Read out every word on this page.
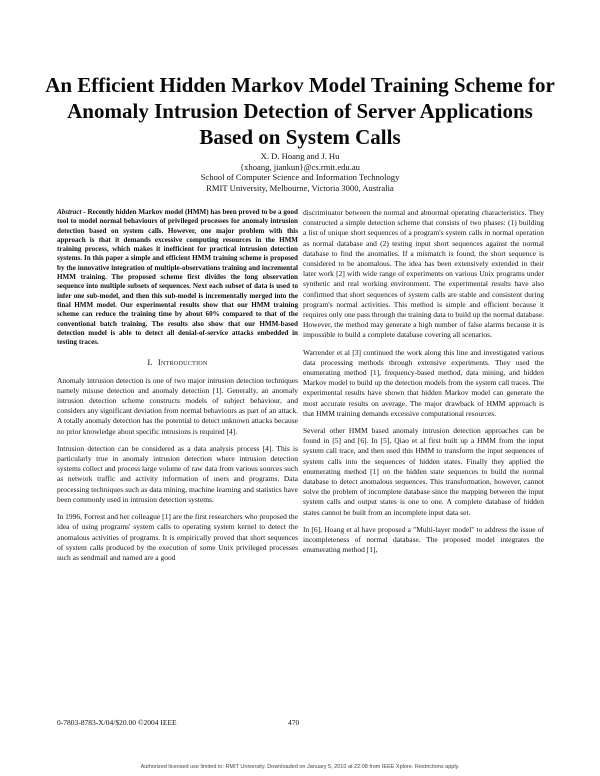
An Efficient Hidden Markov Model Training Scheme for Anomaly Intrusion Detection of Server Applications Based on System Calls
X. D. Hoang and J. Hu
{xhoang, jiankun}@cs.rmit.edu.au
School of Computer Science and Information Technology
RMIT University, Melbourne, Victoria 3000, Australia

Abstract - Recently hidden Markov model (HMM) has been proved to be a good tool to model normal behaviours of privileged processes for anomaly intrusion detection based on system calls. However, one major problem with this approach is that it demands excessive computing resources in the HMM training process, which makes it inefficient for practical intrusion detection systems. In this paper a simple and efficient HMM training scheme is proposed by the innovative integration of multiple-observations training and incremental HMM training. The proposed scheme first divides the long observation sequence into multiple subsets of sequences. Next each subset of data is used to infer one sub-model, and then this sub-model is incrementally merged into the final HMM model. Our experimental results show that our HMM training scheme can reduce the training time by about 60% compared to that of the conventional batch training. The results also show that our HMM-based detection model is able to detect all denial-of-service attacks embedded in testing traces.

I. Introduction

Anomaly intrusion detection is one of two major intrusion detection techniques namely misuse detection and anomaly detection [1]. Generally, an anomaly intrusion detection scheme constructs models of subject behaviour, and considers any significant deviation from normal behaviours as part of an attack. A totally anomaly detection has the potential to detect unknown attacks because no prior knowledge about specific intrusions is required [4].

Intrusion detection can be considered as a data analysis process [4]. This is particularly true in anomaly intrusion detection where intrusion detection systems collect and process large volume of raw data from various sources such as network traffic and activity information of users and programs. Data processing techniques such as data mining, machine learning and statistics have been commonly used in intrusion detection systems.

In 1996, Forrest and her colleague [1] are the first researchers who proposed the idea of using programs' system calls to operating system kernel to detect the anomalous activities of programs. It is empirically proved that short sequences of system calls produced by the execution of some Unix privileged processes such as sendmail and named are a good

discriminator between the normal and abnormal operating characteristics. They constructed a simple detection scheme that consists of two phases: (1) building a list of unique short sequences of a program's system calls in normal operation as normal database and (2) testing input short sequences against the normal database to find the anomalies. If a mismatch is found, the short sequence is considered to be anomalous. The idea has been extensively extended in their later work [2] with wide range of experiments on various Unix programs under synthetic and real working environment. The experimental results have also confirmed that short sequences of system calls are stable and consistent during program's normal activities. This method is simple and efficient because it requires only one pass through the training data to build up the normal database. However, the method may generate a high number of false alarms because it is impossible to build a complete database covering all scenarios.

Warrender et al [3] continued the work along this line and investigated various data processing methods through extensive experiments. They used the enumerating method [1], frequency-based method, data mining, and hidden Markov model to build up the detection models from the system call traces. The experimental results have shown that hidden Markov model can generate the most accurate results on average. The major drawback of HMM approach is that HMM training demands excessive computational resources.

Several other HMM based anomaly intrusion detection approaches can be found in [5] and [6]. In [5], Qiao et al first built up a HMM from the input system call trace, and then used this HMM to transform the input sequences of system calls into the sequences of hidden states. Finally they applied the enumerating method [1] on the hidden state sequences to build the normal database to detect anomalous sequences. This transformation, however, cannot solve the problem of incomplete database since the mapping between the input system calls and output states is one to one. A complete database of hidden states cannot be built from an incomplete input data set.

In [6], Hoang et al have proposed a "Multi-layer model" to address the issue of incompleteness of normal database. The proposed model integrates the enumerating method [1],

0-7803-8783-X/04/$20.00 ©2004 IEEE	470
Authorized licensed use limited to: RMIT University. Downloaded on January 5, 2010 at 22:08 from IEEE Xplore. Restrictions apply.
